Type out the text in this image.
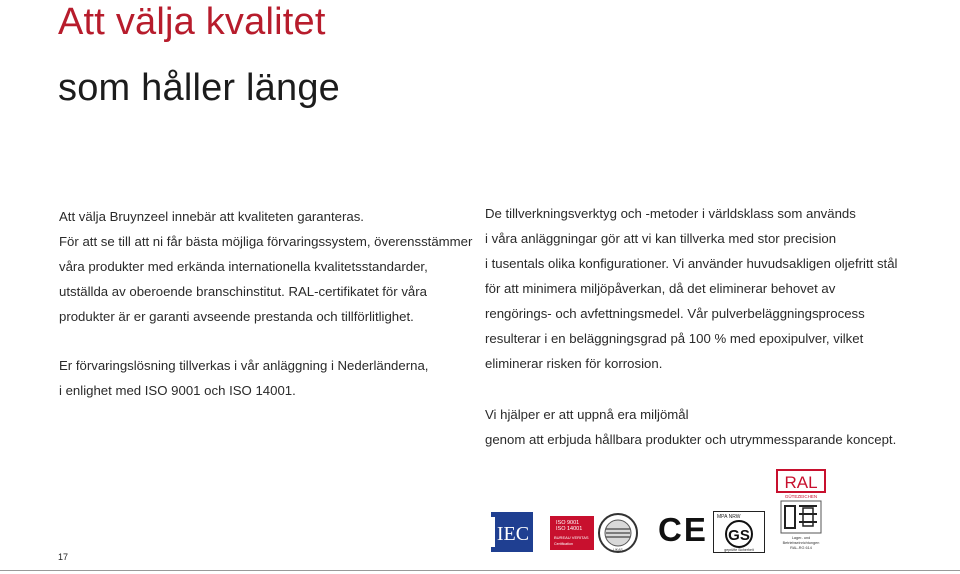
Att välja kvalitet
som håller länge

Att välja Bruynzeel innebär att kvaliteten garanteras.

För att se till att ni får bästa möjliga förvaringssystem, överensstämmer

våra produkter med erkända internationella kvalitetsstandarder,

utställda av oberoende branschinstitut. RAL-certifikatet för våra

produkter är er garanti avseende prestanda och tillförlitlighet.

Er förvaringslösning tillverkas i vår anläggning i Nederländerna,

i enlighet med ISO 9001 och ISO 14001.

De tillverkningsverktyg och -metoder i världsklass som används

i våra anläggningar gör att vi kan tillverka med stor precision

i tusentals olika konfigurationer. Vi använder huvudsakligen oljefritt stål

för att minimera miljöpåverkan, då det eliminerar behovet av

rengörings- och avfettningsmedel. Vår pulverbeläggningsprocess

resulterar i en beläggningsgrad på 100 % med epoxipulver, vilket

eliminerar risken för korrosion.

Vi hjälper er att uppnå era miljömål

genom att erbjuda hållbara produkter och utrymmessparande koncept.

IEC	ISO 9001
ISO 14001
BUREAU VERITAS
Certification
UKAS
CE MPA NRW
GS
geprüfte Sicherheit
RAL
GÜTEZEICHEN
Lager- und
Betriebseinrichtungen
RAL-RG 614
17
